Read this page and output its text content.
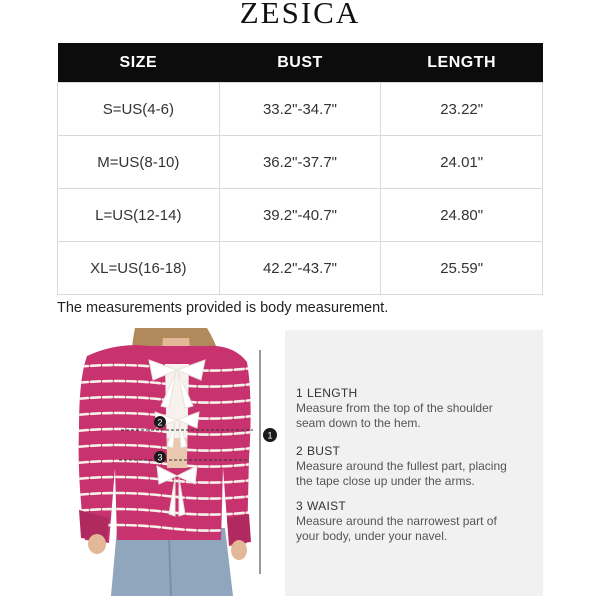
ZESICA
SIZE	BUST	LENGTH
S=US(4-6)	33.2"-34.7"	23.22"
M=US(8-10)	36.2"-37.7"	24.01"
L=US(12-14)	39.2"-40.7"	24.80"
XL=US(16-18)	42.2"-43.7"	25.59"
The measurements provided is body measurement.
2
3
1
1 LENGTH
Measure from the top of the shoulder
seam down to the hem.
2 BUST
Measure around the fullest part, placing
the tape close up under the arms.
3 WAIST
Measure around the narrowest part of
your body, under your navel.
